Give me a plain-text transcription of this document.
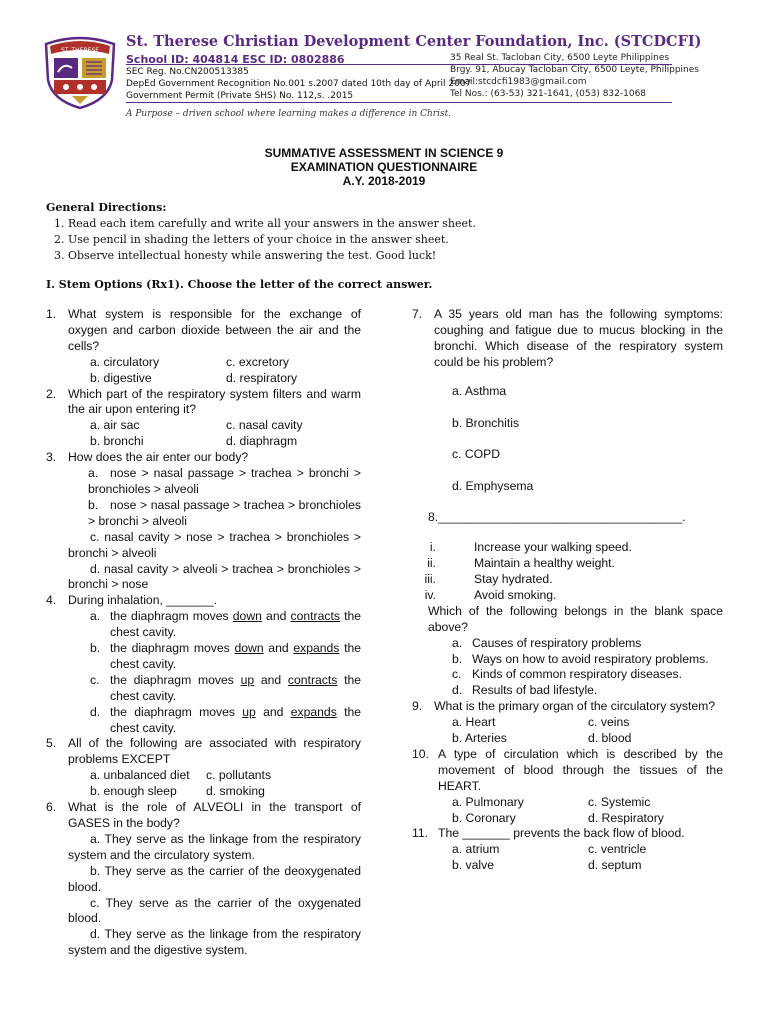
ST. THERESE
St. Therese Christian Development Center Foundation, Inc. (STCDCFI)
School ID: 404814 ESC ID: 0802886
SEC Reg. No.CN200513385
DepEd Government Recognition No.001 s.2007 dated 10th day of April 2007
Government Permit (Private SHS) No. 112,s. .2015
35 Real St. Tacloban City, 6500 Leyte Philippines
Brgy. 91, Abucay Tacloban City, 6500 Leyte, Philippines
Email:stcdcfi1983@gmail.com
Tel Nos.: (63-53) 321-1641, (053) 832-1068
A Purpose – driven school where learning makes a difference in Christ.
SUMMATIVE ASSESSMENT IN SCIENCE 9
EXAMINATION QUESTIONNAIRE
A.Y. 2018-2019
General Directions:
1. Read each item carefully and write all your answers in the answer sheet.
2. Use pencil in shading the letters of your choice in the answer sheet.
3. Observe intellectual honesty while answering the test. Good luck!
I. Stem Options (Rx1). Choose the letter of the correct answer.
1. What system is responsible for the exchange of oxygen and carbon dioxide between the air and the cells?
a. circulatory	c. excretory
b. digestive	d. respiratory
2. Which part of the respiratory system filters and warm the air upon entering it?
a. air sac	c. nasal cavity
b. bronchi	d. diaphragm
3. How does the air enter our body?
a. nose > nasal passage > trachea > bronchi > bronchioles > alveoli
b. nose > nasal passage > trachea > bronchioles > bronchi > alveoli
c. nasal cavity > nose > trachea > bronchioles > bronchi > alveoli
d. nasal cavity > alveoli > trachea > bronchioles > bronchi > nose
4. During inhalation, _______.
a. the diaphragm moves down and contracts the chest cavity.
b. the diaphragm moves down and expands the chest cavity.
c. the diaphragm moves up and contracts the chest cavity.
d. the diaphragm moves up and expands the chest cavity.
5. All of the following are associated with respiratory problems EXCEPT
a. unbalanced diet	c. pollutants
b. enough sleep	d. smoking
6. What is the role of ALVEOLI in the transport of GASES in the body?
a. They serve as the linkage from the respiratory system and the circulatory system.
b. They serve as the carrier of the deoxygenated blood.
c. They serve as the carrier of the oxygenated blood.
d. They serve as the linkage from the respiratory system and the digestive system.
7. A 35 years old man has the following symptoms: coughing and fatigue due to mucus blocking in the bronchi. Which disease of the respiratory system could be his problem?
a. Asthma
b. Bronchitis
c. COPD
d. Emphysema
8.____________________________________.
i.	Increase your walking speed.
ii.	Maintain a healthy weight.
iii.	Stay hydrated.
iv.	Avoid smoking.
Which of the following belongs in the blank space above?
a. Causes of respiratory problems
b. Ways on how to avoid respiratory problems.
c. Kinds of common respiratory diseases.
d. Results of bad lifestyle.
9. What is the primary organ of the circulatory system?
a. Heart	c. veins
b. Arteries	d. blood
10. A type of circulation which is described by the movement of blood through the tissues of the HEART.
a. Pulmonary	c. Systemic
b. Coronary	d. Respiratory
11. The _______ prevents the back flow of blood.
a. atrium	c. ventricle
b. valve	d. septum
